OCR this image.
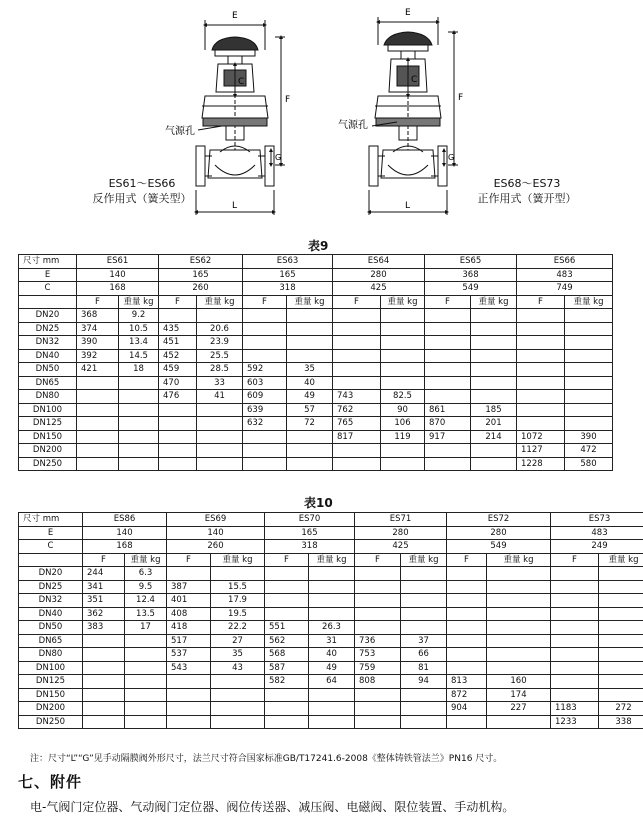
E
C
F
G
L
气源孔
E
C
F
G
L
气源孔
ES61～ES66
反作用式（簧关型）
ES68～ES73
正作用式（簧开型）
表9
尺寸 mm	ES61		ES62		ES63		ES64		ES65		ES66	
E	140		165		165		280		368		483	
C	168		260		318		425		549		749	
	F	重量 kg	F	重量 kg	F	重量 kg	F	重量 kg	F	重量 kg	F	重量 kg
DN20	368	9.2										
DN25	374	10.5	435	20.6								
DN32	390	13.4	451	23.9								
DN40	392	14.5	452	25.5								
DN50	421	18	459	28.5	592	35						
DN65			470	33	603	40						
DN80			476	41	609	49	743	82.5				
DN100					639	57	762	90	861	185		
DN125					632	72	765	106	870	201		
DN150							817	119	917	214	1072	390
DN200											1127	472
DN250											1228	580
表10
尺寸 mm	ES86		ES69		ES70		ES71		ES72		ES73	
E	140		140		165		280		280		483	
C	168		260		318		425		549		249	
	F	重量 kg	F	重量 kg	F	重量 kg	F	重量 kg	F	重量 kg	F	重量 kg
DN20	244	6.3										
DN25	341	9.5	387	15.5								
DN32	351	12.4	401	17.9								
DN40	362	13.5	408	19.5								
DN50	383	17	418	22.2	551	26.3						
DN65			517	27	562	31	736	37				
DN80			537	35	568	40	753	66				
DN100			543	43	587	49	759	81				
DN125					582	64	808	94	813	160		
DN150									872	174		
DN200									904	227	1183	272
DN250											1233	338
注：尺寸“L”“G”见手动隔膜阀外形尺寸，法兰尺寸符合国家标准GB/T17241.6-2008《整体铸铁管法兰》PN16 尺寸。
七、附件
电-气阀门定位器、气动阀门定位器、阀位传送器、减压阀、电磁阀、限位装置、手动机构。
